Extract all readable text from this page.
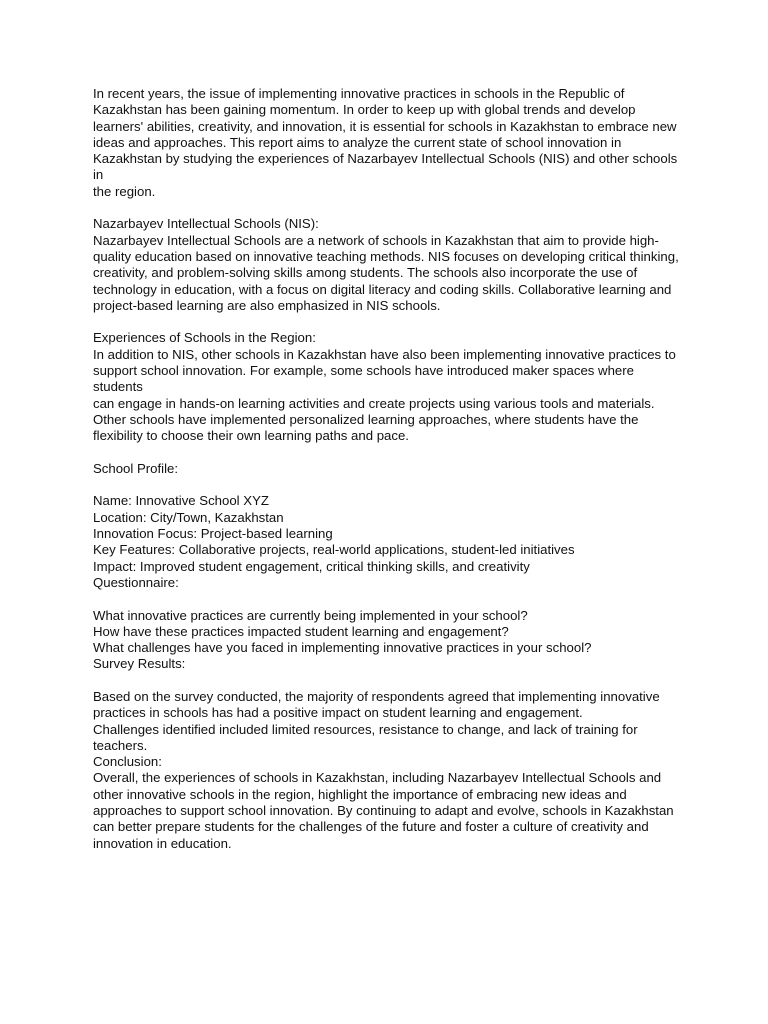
In recent years, the issue of implementing innovative practices in schools in the Republic of
Kazakhstan has been gaining momentum. In order to keep up with global trends and develop
learners' abilities, creativity, and innovation, it is essential for schools in Kazakhstan to embrace new
ideas and approaches. This report aims to analyze the current state of school innovation in
Kazakhstan by studying the experiences of Nazarbayev Intellectual Schools (NIS) and other schools in
the region.

Nazarbayev Intellectual Schools (NIS):

Nazarbayev Intellectual Schools are a network of schools in Kazakhstan that aim to provide high-
quality education based on innovative teaching methods. NIS focuses on developing critical thinking,
creativity, and problem-solving skills among students. The schools also incorporate the use of
technology in education, with a focus on digital literacy and coding skills. Collaborative learning and
project-based learning are also emphasized in NIS schools.

Experiences of Schools in the Region:

In addition to NIS, other schools in Kazakhstan have also been implementing innovative practices to
support school innovation. For example, some schools have introduced maker spaces where students
can engage in hands-on learning activities and create projects using various tools and materials.
Other schools have implemented personalized learning approaches, where students have the
flexibility to choose their own learning paths and pace.

School Profile:

Name: Innovative School XYZ
Location: City/Town, Kazakhstan
Innovation Focus: Project-based learning
Key Features: Collaborative projects, real-world applications, student-led initiatives
Impact: Improved student engagement, critical thinking skills, and creativity
Questionnaire:
What innovative practices are currently being implemented in your school?
How have these practices impacted student learning and engagement?
What challenges have you faced in implementing innovative practices in your school?
Survey Results:

Based on the survey conducted, the majority of respondents agreed that implementing innovative
practices in schools has had a positive impact on student learning and engagement.
Challenges identified included limited resources, resistance to change, and lack of training for
teachers.
Conclusion:
Overall, the experiences of schools in Kazakhstan, including Nazarbayev Intellectual Schools and
other innovative schools in the region, highlight the importance of embracing new ideas and
approaches to support school innovation. By continuing to adapt and evolve, schools in Kazakhstan
can better prepare students for the challenges of the future and foster a culture of creativity and
innovation in education.
